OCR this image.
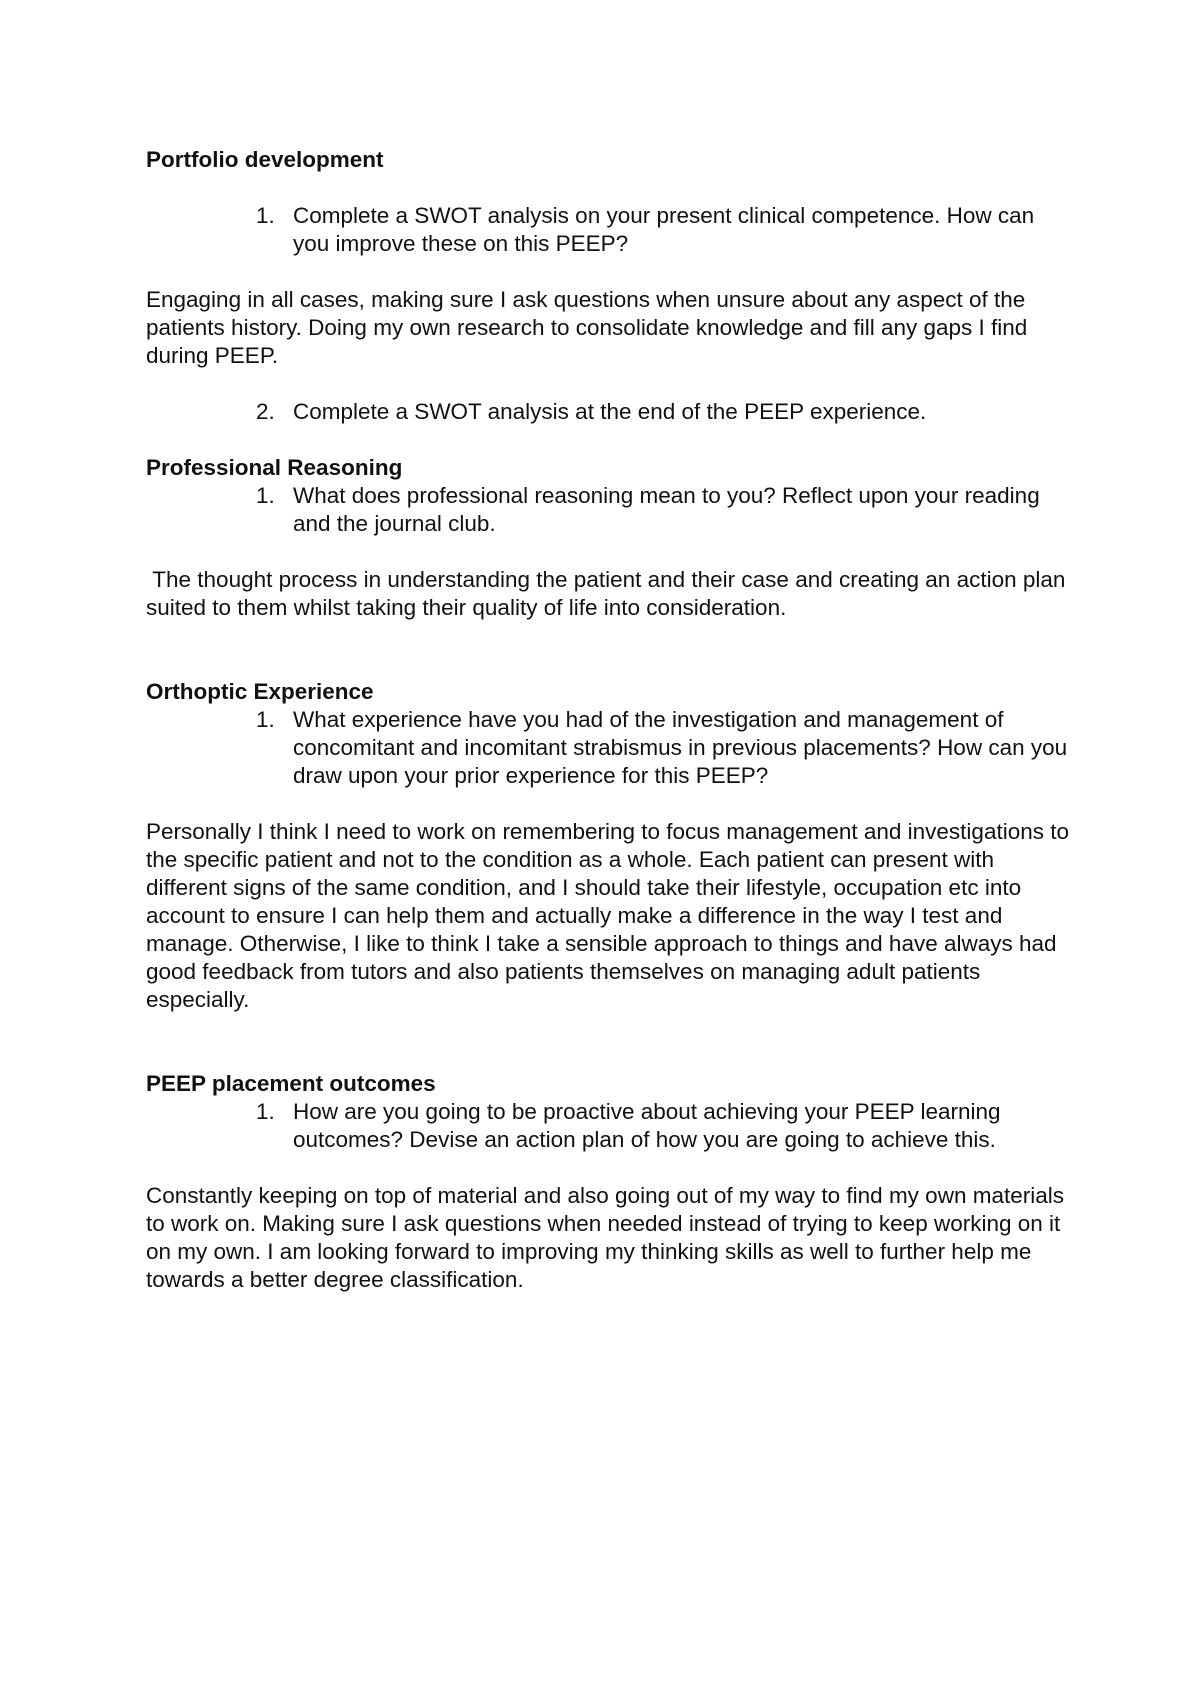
Portfolio development
1. Complete a SWOT analysis on your present clinical competence. How can you improve these on this PEEP?

Engaging in all cases, making sure I ask questions when unsure about any aspect of the patients history. Doing my own research to consolidate knowledge and fill any gaps I find during PEEP.

2. Complete a SWOT analysis at the end of the PEEP experience.
Professional Reasoning
1. What does professional reasoning mean to you? Reflect upon your reading and the journal club.

The thought process in understanding the patient and their case and creating an action plan suited to them whilst taking their quality of life into consideration.

Orthoptic Experience
1. What experience have you had of the investigation and management of concomitant and incomitant strabismus in previous placements? How can you draw upon your prior experience for this PEEP?

Personally I think I need to work on remembering to focus management and investigations to the specific patient and not to the condition as a whole. Each patient can present with different signs of the same condition, and I should take their lifestyle, occupation etc into account to ensure I can help them and actually make a difference in the way I test and manage. Otherwise, I like to think I take a sensible approach to things and have always had good feedback from tutors and also patients themselves on managing adult patients especially.

PEEP placement outcomes
1. How are you going to be proactive about achieving your PEEP learning outcomes? Devise an action plan of how you are going to achieve this.

Constantly keeping on top of material and also going out of my way to find my own materials to work on. Making sure I ask questions when needed instead of trying to keep working on it on my own. I am looking forward to improving my thinking skills as well to further help me towards a better degree classification.
